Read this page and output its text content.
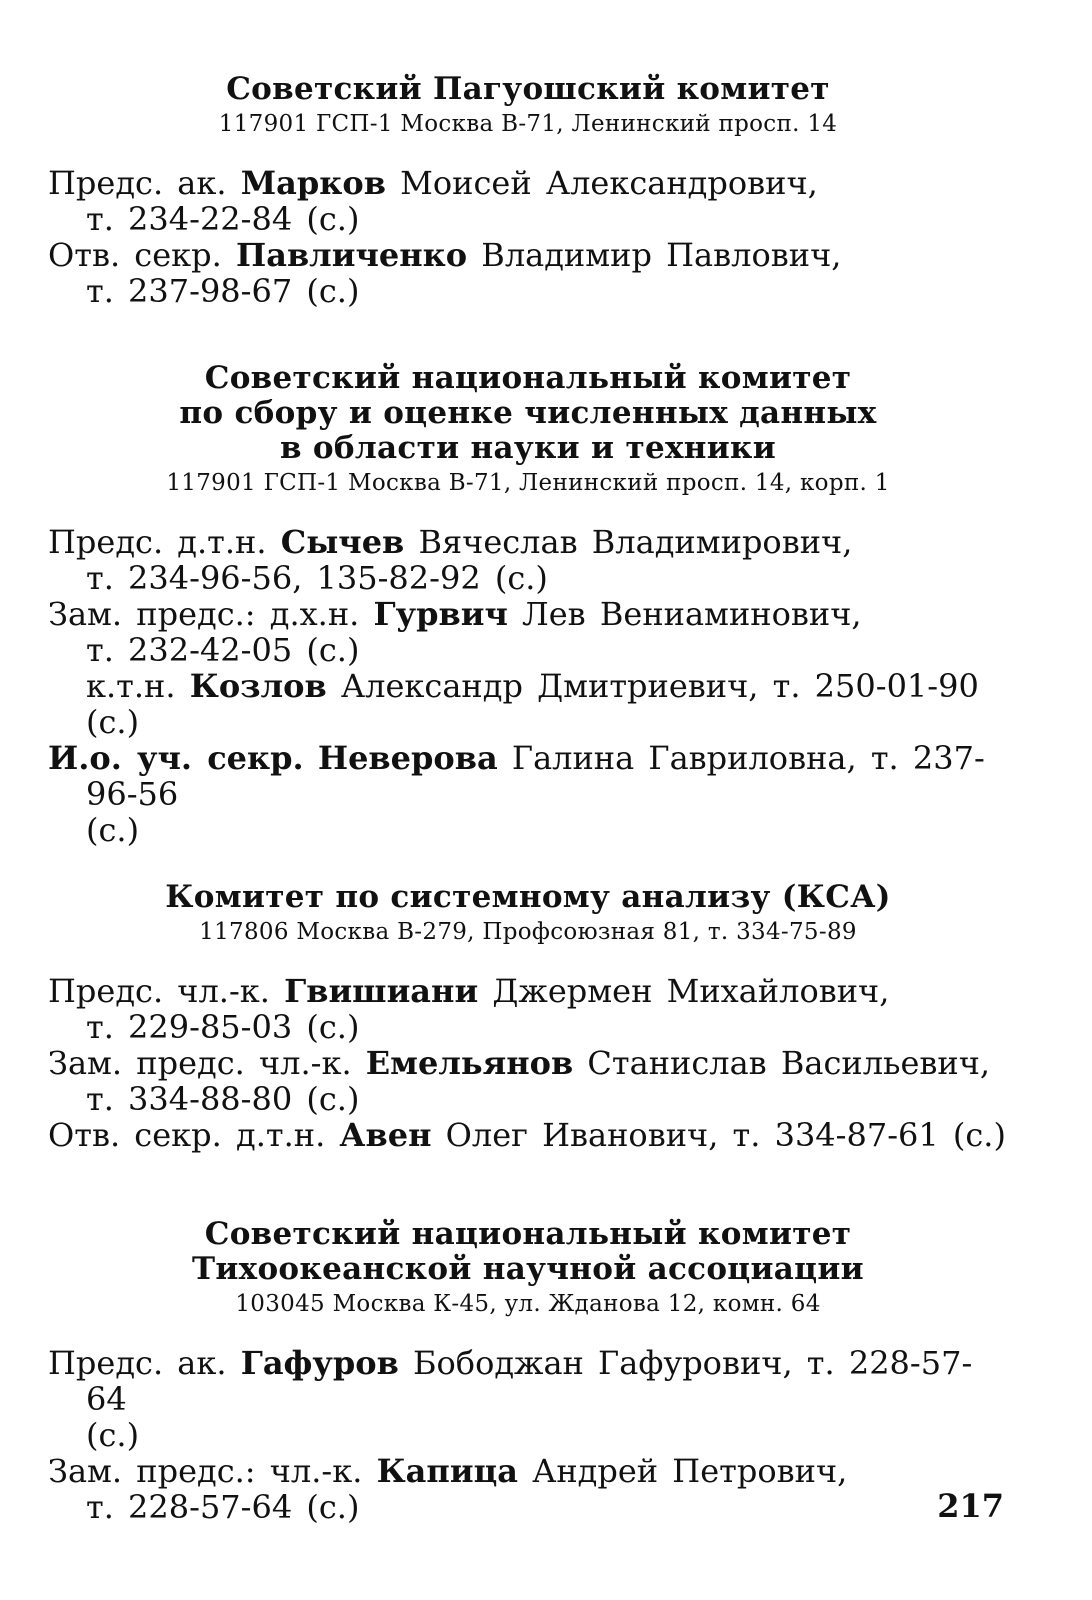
Советский Пагуошский комитет
117901 ГСП-1 Москва В-71, Ленинский просп. 14
Предс. ак. Марков Моисей Александрович,
т. 234-22-84 (с.)
Отв. секр. Павличенко Владимир Павлович,
т. 237-98-67 (с.)
Советский национальный комитет
по сбору и оценке численных данных
в области науки и техники
117901 ГСП-1 Москва В-71, Ленинский просп. 14, корп. 1
Предс. д.т.н. Сычев Вячеслав Владимирович,
т. 234-96-56, 135-82-92 (с.)
Зам. предс.: д.х.н. Гурвич Лев Вениаминович,
т. 232-42-05 (с.)
к.т.н. Козлов Александр Дмитриевич, т. 250-01-90
(с.)
И.о. уч. секр. Неверова Галина Гавриловна, т. 237-96-56
(с.)
Комитет по системному анализу (КСА)
117806 Москва В-279, Профсоюзная 81, т. 334-75-89
Предс. чл.-к. Гвишиани Джермен Михайлович,
т. 229-85-03 (с.)
Зам. предс. чл.-к. Емельянов Станислав Васильевич,
т. 334-88-80 (с.)
Отв. секр. д.т.н. Авен Олег Иванович, т. 334-87-61 (с.)
Советский национальный комитет
Тихоокеанской научной ассоциации
103045 Москва К-45, ул. Жданова 12, комн. 64
Предс. ак. Гафуров Бободжан Гафурович, т. 228-57-64
(с.)
Зам. предс.: чл.-к. Капица Андрей Петрович,
т. 228-57-64 (с.)	217
